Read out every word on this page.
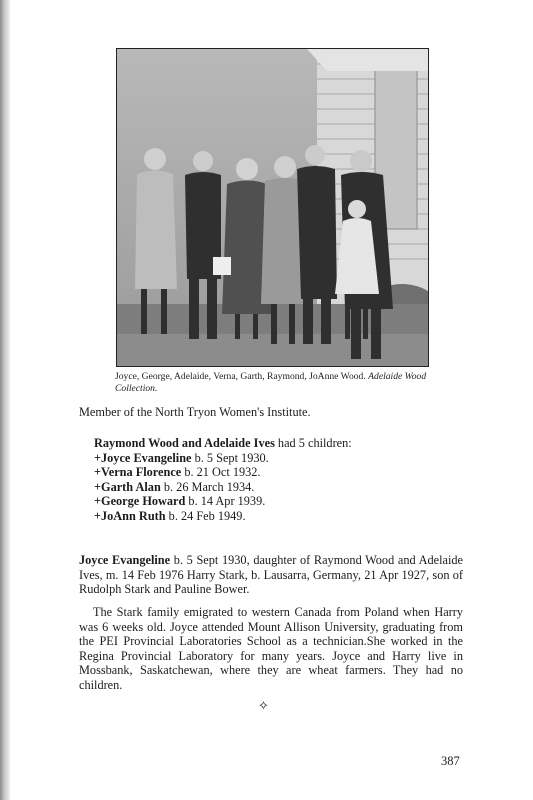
Joyce, George, Adelaide, Verna, Garth, Raymond, JoAnne Wood. Adelaide Wood Collection.
Member of the North Tryon Women's Institute.
Raymond Wood and Adelaide Ives had 5 children:
+Joyce Evangeline b. 5 Sept 1930.
+Verna Florence b. 21 Oct 1932.
+Garth Alan b. 26 March 1934.
+George Howard b. 14 Apr 1939.
+JoAnn Ruth b. 24 Feb 1949.
Joyce Evangeline b. 5 Sept 1930, daughter of Raymond Wood and Adelaide Ives, m. 14 Feb 1976 Harry Stark, b. Lausarra, Germany, 21 Apr 1927, son of Rudolph Stark and Pauline Bower.
The Stark family emigrated to western Canada from Poland when Harry was 6 weeks old. Joyce attended Mount Allison University, graduating from the PEI Provincial Laboratories School as a technician.She worked in the Regina Provincial Laboratory for many years. Joyce and Harry live in Mossbank, Saskatchewan, where they are wheat farmers. They had no children.
✧
387
